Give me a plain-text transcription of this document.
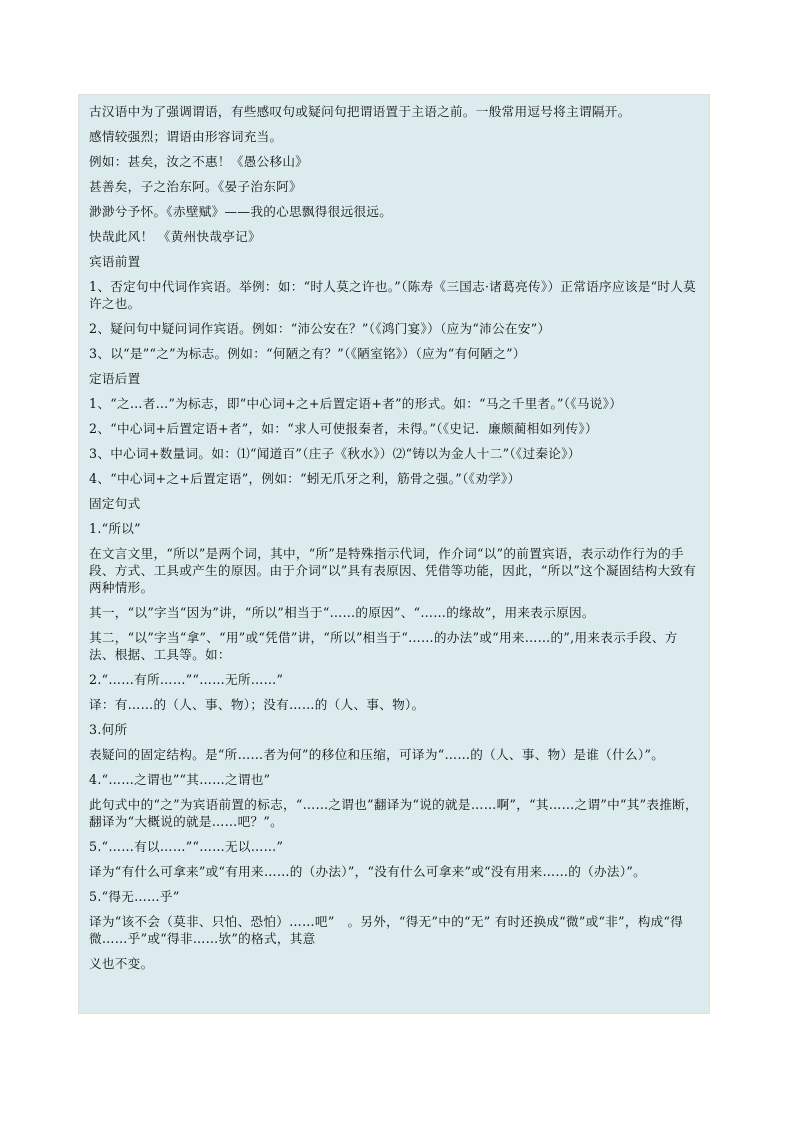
古汉语中为了强调谓语，有些感叹句或疑问句把谓语置于主语之前。一般常用逗号将主谓隔开。

感情较强烈；谓语由形容词充当。

例如：甚矣，汝之不惠！《愚公移山》

甚善矣，子之治东阿。《晏子治东阿》

渺渺兮予怀。《赤壁赋》——我的心思飘得很远很远。

快哉此风！ 《黄州快哉亭记》

宾语前置

1、否定句中代词作宾语。举例：如：“时人莫之许也。”（陈寿《三国志·诸葛亮传》）正常语序应该是“时人莫许之也。

2、疑问句中疑问词作宾语。例如：“沛公安在？”（《鸿门宴》）（应为“沛公在安”）

3、以“是”“之”为标志。例如：“何陋之有？”（《陋室铭》）（应为“有何陋之”）

定语后置

1、“之…者…”为标志，即“中心词+之+后置定语+者”的形式。如：“马之千里者。”（《马说》）

2、“中心词+后置定语+者”，如：“求人可使报秦者，未得。”（《史记．廉颇蔺相如列传》）

3、中心词+数量词。如：⑴“闻道百”（庄子《秋水》）⑵“铸以为金人十二”（《过秦论》）

4、“中心词+之+后置定语”，例如：“蚓无爪牙之利，筋骨之强。”（《劝学》）

固定句式

1.“所以”

在文言文里，“所以”是两个词，其中，“所”是特殊指示代词，作介词“以”的前置宾语，表示动作行为的手段、方式、工具或产生的原因。由于介词“以”具有表原因、凭借等功能，因此，“所以”这个凝固结构大致有两种情形。

其一，“以”字当“因为”讲，“所以”相当于“……的原因”、“……的缘故”，用来表示原因。

其二，“以”字当“拿”、“用”或“凭借”讲，“所以”相当于“……的办法”或“用来……的”,用来表示手段、方法、根据、工具等。如：

2.“……有所……”“……无所……”

译：有……的（人、事、物）；没有……的（人、事、物）。

3.何所

表疑问的固定结构。是“所……者为何”的移位和压缩，可译为“……的（人、事、物）是谁（什么）”。

4.“……之谓也”“其……之谓也”

此句式中的“之”为宾语前置的标志，“……之谓也”翻译为“说的就是……啊”，“其……之谓”中“其”表推断，翻译为“大概说的就是……吧？”。

5.“……有以……”“……无以……”

译为“有什么可拿来”或“有用来……的（办法）”，“没有什么可拿来”或“没有用来……的（办法）”。

5.“得无……乎”

译为“该不会（莫非、只怕、恐怕）……吧”　。另外，“得无”中的“无” 有时还换成“微”或“非”，构成“得微……乎”或“得非……欤”的格式，其意

义也不变。
